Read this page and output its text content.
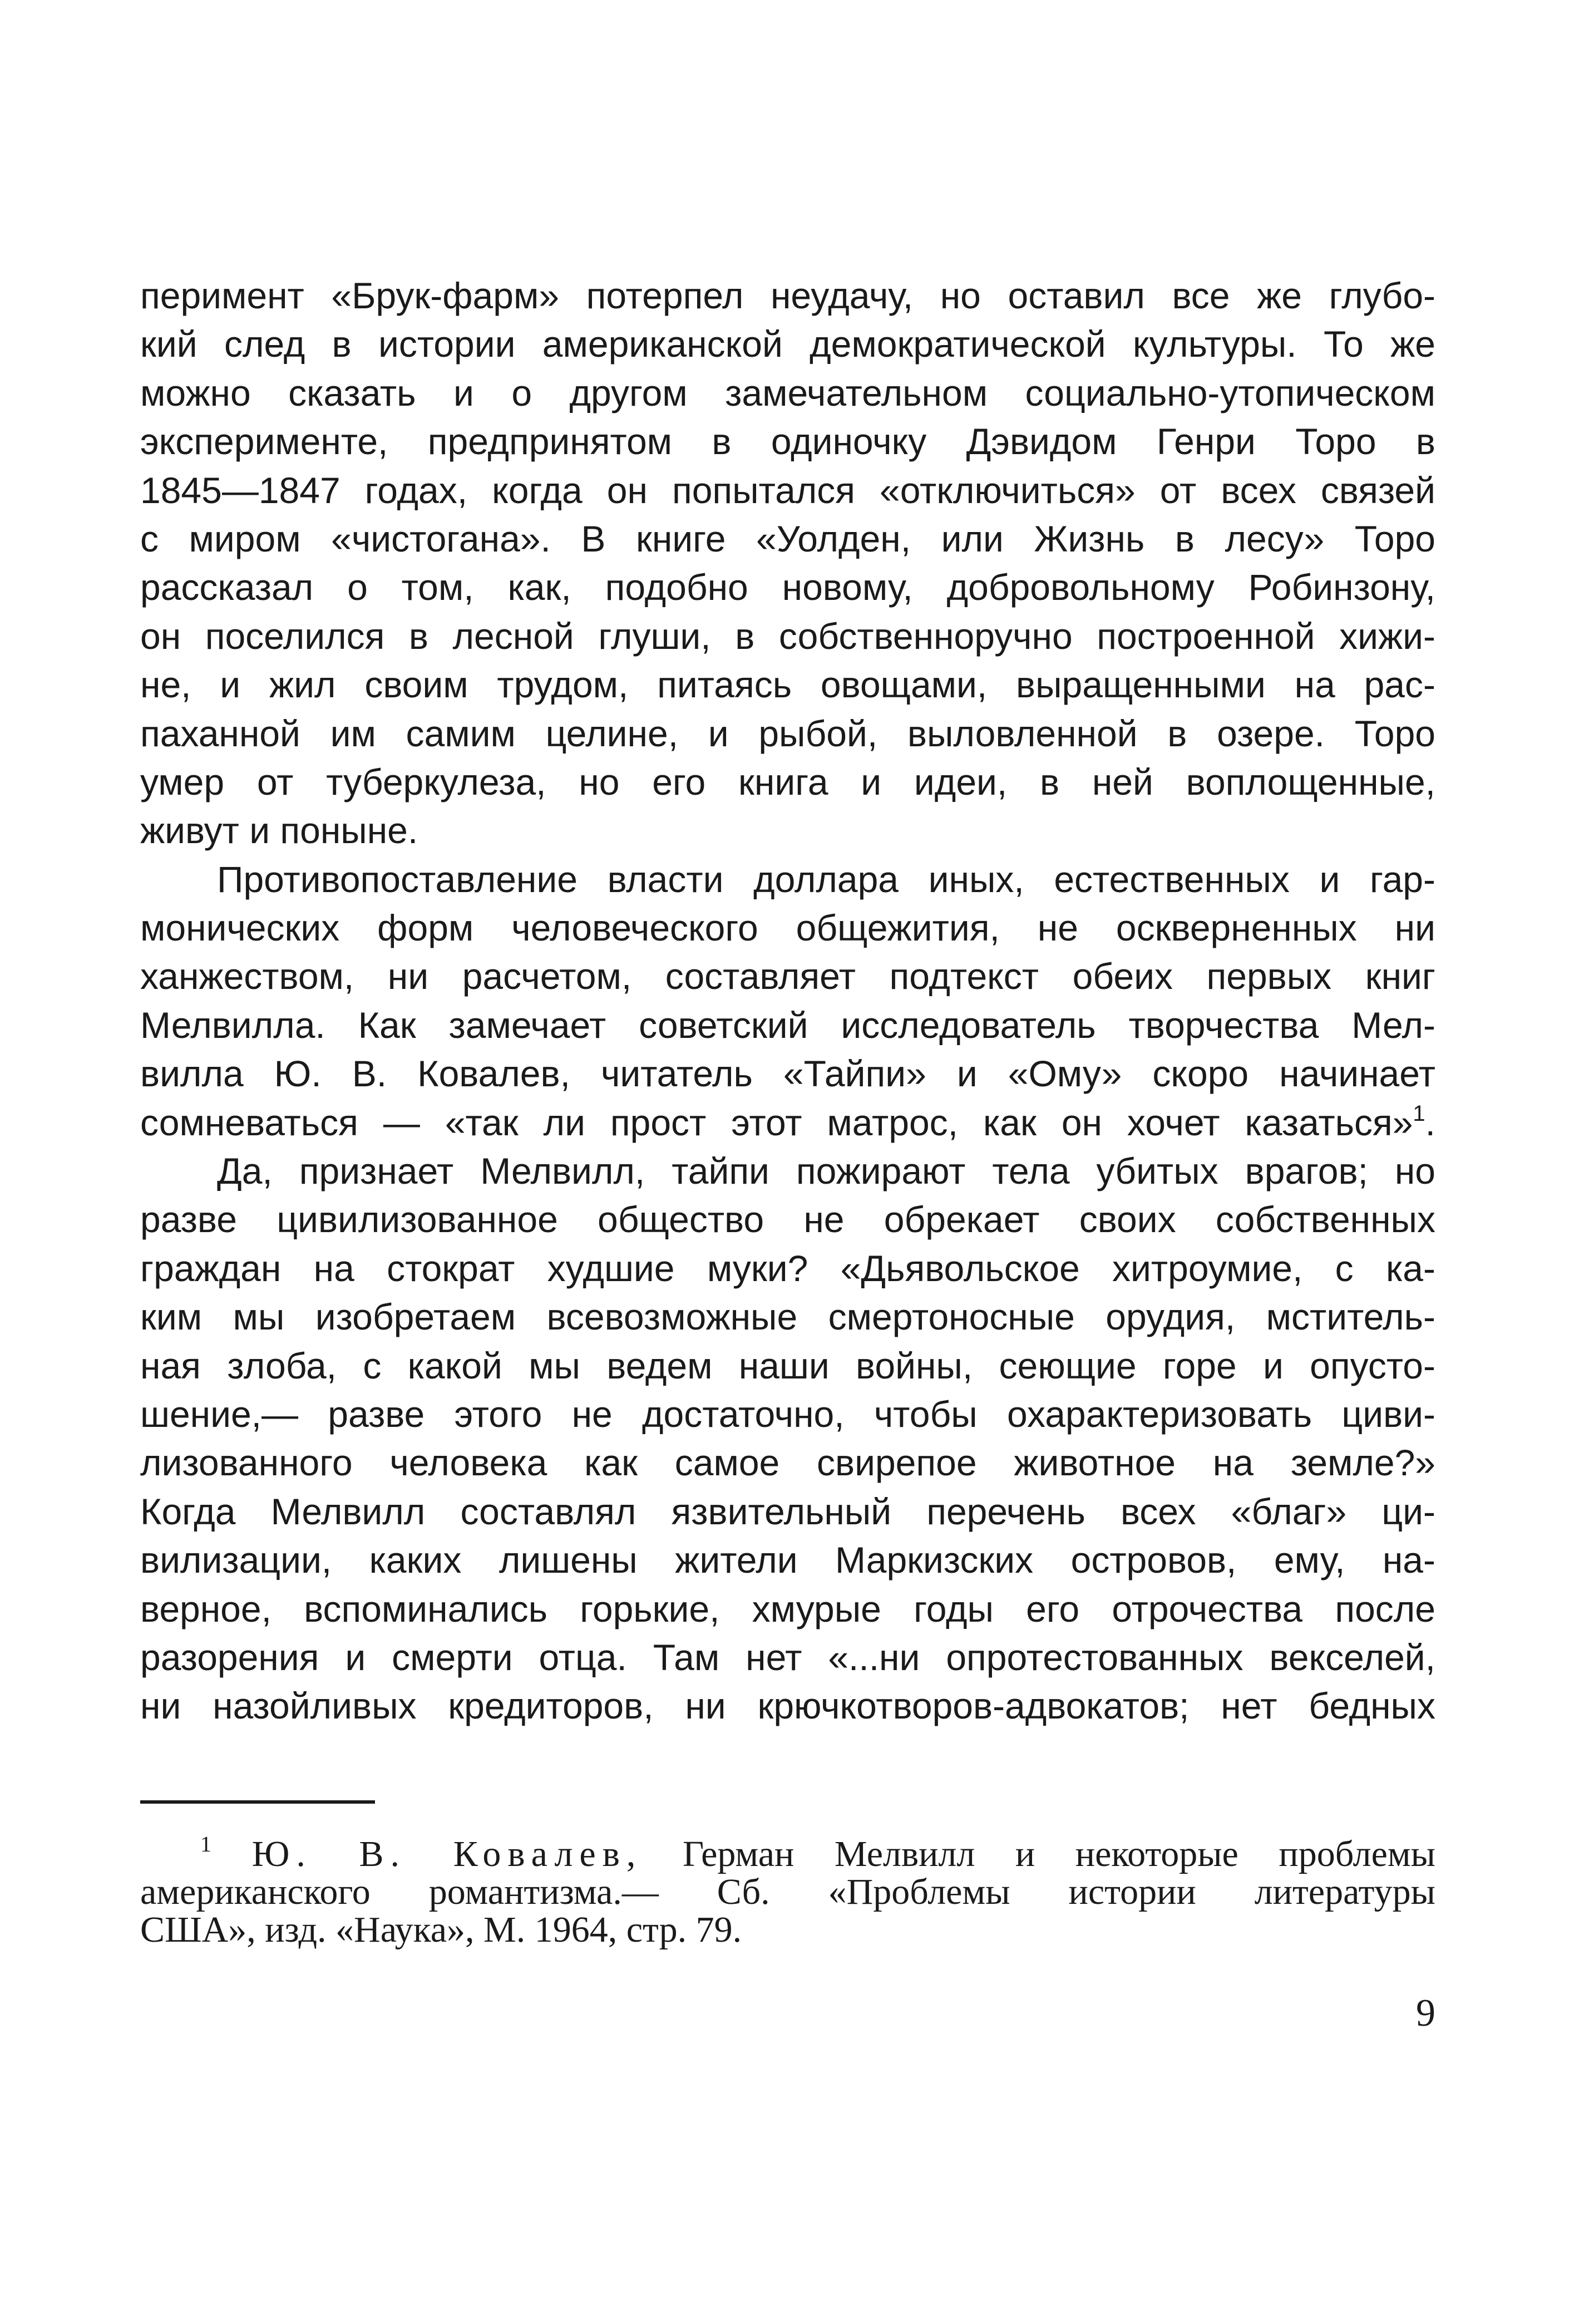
перимент «Брук-фарм» потерпел неудачу, но оставил все же глубо-
кий след в истории американской демократической культуры. То же
можно сказать и о другом замечательном социально-утопическом
эксперименте, предпринятом в одиночку Дэвидом Генри Торо в
1845—1847 годах, когда он попытался «отключиться» от всех связей
с миром «чистогана». В книге «Уолден, или Жизнь в лесу» Торо
рассказал о том, как, подобно новому, добровольному Робинзону,
он поселился в лесной глуши, в собственноручно построенной хижи-
не, и жил своим трудом, питаясь овощами, выращенными на рас-
паханной им самим целине, и рыбой, выловленной в озере. Торо
умер от туберкулеза, но его книга и идеи, в ней воплощенные,
живут и поныне.
Противопоставление власти доллара иных, естественных и гар-
монических форм человеческого общежития, не оскверненных ни
ханжеством, ни расчетом, составляет подтекст обеих первых книг
Мелвилла. Как замечает советский исследователь творчества Мел-
вилла Ю. В. Ковалев, читатель «Тайпи» и «Ому» скоро начинает
сомневаться — «так ли прост этот матрос, как он хочет казаться»$^1$.
Да, признает Мелвилл, тайпи пожирают тела убитых врагов; но
разве цивилизованное общество не обрекает своих собственных
граждан на стократ худшие муки? «Дьявольское хитроумие, с ка-
ким мы изобретаем всевозможные смертоносные орудия, мститель-
ная злоба, с какой мы ведем наши войны, сеющие горе и опусто-
шение,— разве этого не достаточно, чтобы охарактеризовать циви-
лизованного человека как самое свирепое животное на земле?»
Когда Мелвилл составлял язвительный перечень всех «благ» ци-
вилизации, каких лишены жители Маркизских островов, ему, на-
верное, вспоминались горькие, хмурые годы его отрочества после
разорения и смерти отца. Там нет «...ни опротестованных векселей,
ни назойливых кредиторов, ни крючкотворов-адвокатов; нет бедных
$^1$ Ю. В. Ковалев, Герман Мелвилл и некоторые проблемы
американского романтизма.— Сб. «Проблемы истории литературы
США», изд. «Наука», М. 1964, стр. 79.
9
